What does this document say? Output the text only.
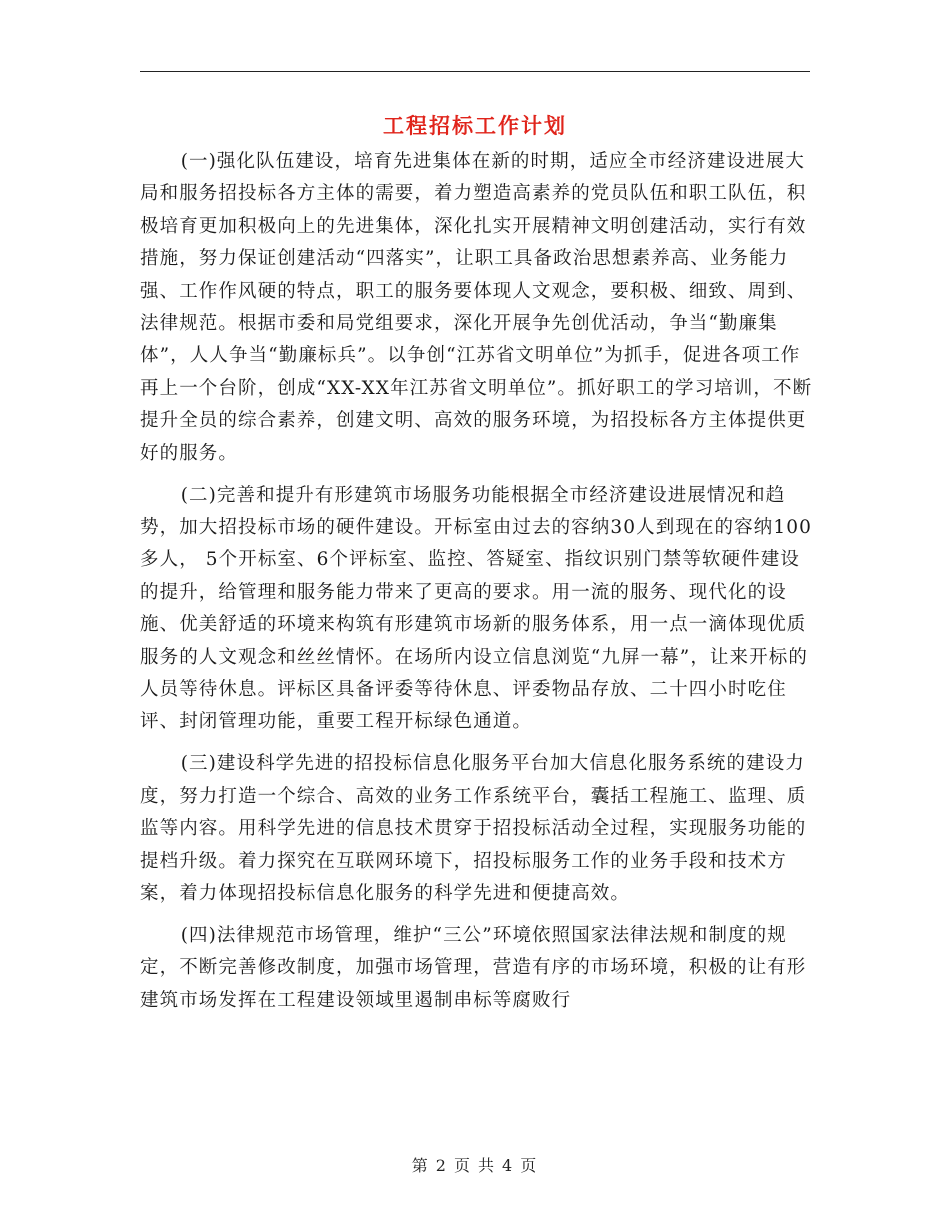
工程招标工作计划

(一)强化队伍建设，培育先进集体在新的时期，适应全市经济建设进展大局和服务招投标各方主体的需要，着力塑造高素养的党员队伍和职工队伍，积极培育更加积极向上的先进集体，深化扎实开展精神文明创建活动，实行有效措施，努力保证创建活动“四落实”，让职工具备政治思想素养高、业务能力强、工作作风硬的特点，职工的服务要体现人文观念，要积极、细致、周到、法律规范。根据市委和局党组要求，深化开展争先创优活动，争当“勤廉集体”，人人争当“勤廉标兵”。以争创“江苏省文明单位”为抓手，促进各项工作再上一个台阶，创成“XX-XX年江苏省文明单位”。抓好职工的学习培训，不断提升全员的综合素养，创建文明、高效的服务环境，为招投标各方主体提供更好的服务。

(二)完善和提升有形建筑市场服务功能根据全市经济建设进展情况和趋势，加大招投标市场的硬件建设。开标室由过去的容纳30人到现在的容纳100多人， 5个开标室、6个评标室、监控、答疑室、指纹识别门禁等软硬件建设的提升，给管理和服务能力带来了更高的要求。用一流的服务、现代化的设施、优美舒适的环境来构筑有形建筑市场新的服务体系，用一点一滴体现优质服务的人文观念和丝丝情怀。在场所内设立信息浏览“九屏一幕”，让来开标的人员等待休息。评标区具备评委等待休息、评委物品存放、二十四小时吃住评、封闭管理功能，重要工程开标绿色通道。

(三)建设科学先进的招投标信息化服务平台加大信息化服务系统的建设力度，努力打造一个综合、高效的业务工作系统平台，囊括工程施工、监理、质监等内容。用科学先进的信息技术贯穿于招投标活动全过程，实现服务功能的提档升级。着力探究在互联网环境下，招投标服务工作的业务手段和技术方案，着力体现招投标信息化服务的科学先进和便捷高效。

(四)法律规范市场管理，维护“三公”环境依照国家法律法规和制度的规定，不断完善修改制度，加强市场管理，营造有序的市场环境，积极的让有形建筑市场发挥在工程建设领域里遏制串标等腐败行

第 2 页 共 4 页
